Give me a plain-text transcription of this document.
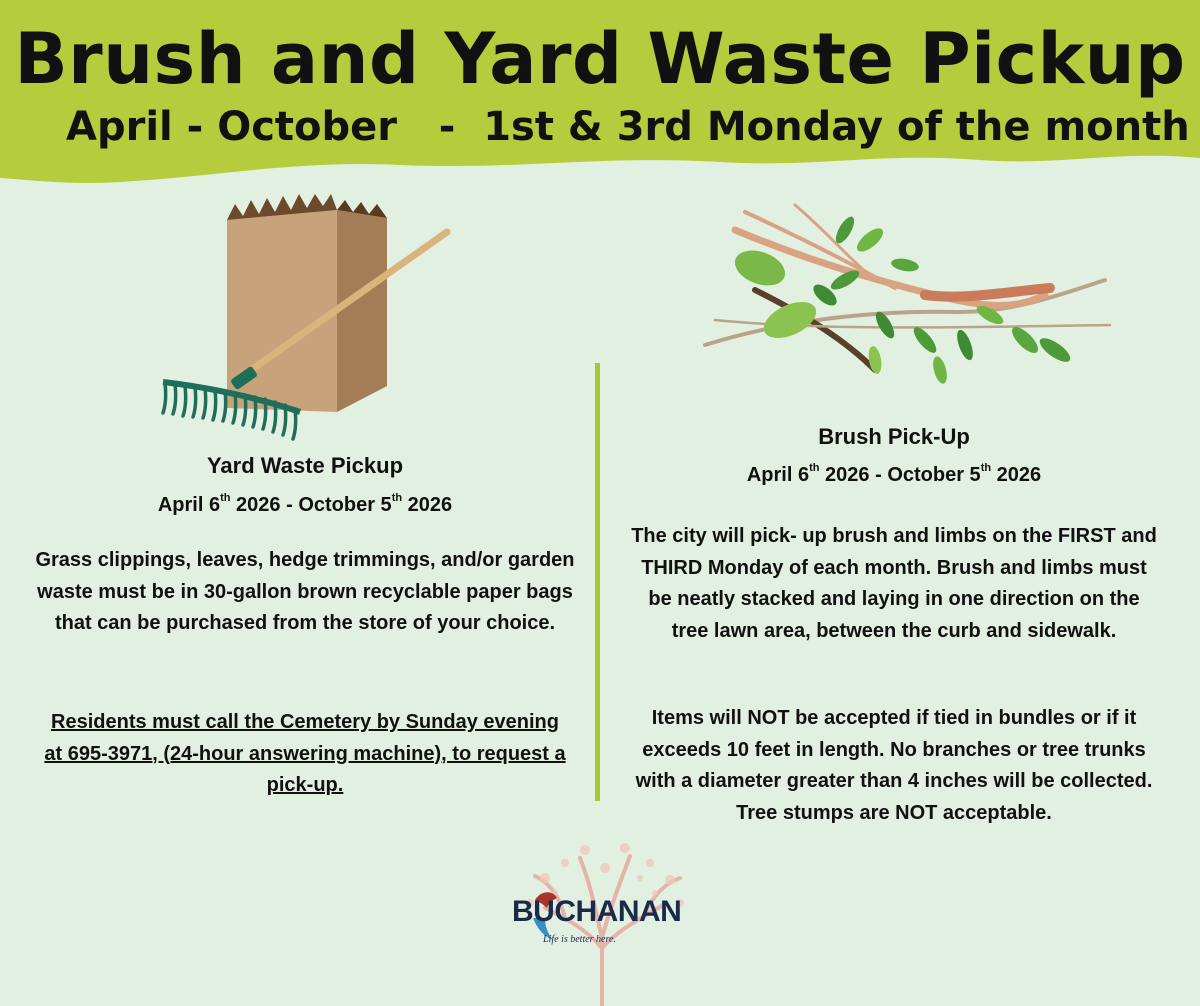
Brush and Yard Waste Pickup
April - October   -  1st & 3rd Monday of the month
Yard Waste Pickup
April 6th 2026 - October 5th 2026
Grass clippings, leaves, hedge trimmings, and/or garden waste must be in 30-gallon brown recyclable paper bags that can be purchased from the store of your choice.
Residents must call the Cemetery by Sunday evening at 695-3971, (24-hour answering machine), to request a pick-up.
Brush Pick-Up
April 6th 2026 - October 5th 2026
The city will pick- up brush and limbs on the FIRST and THIRD Monday of each month. Brush and limbs must be neatly stacked and laying in one direction on the tree lawn area, between the curb and sidewalk.
Items will NOT be accepted if tied in bundles or if it exceeds 10 feet in length. No branches or tree trunks with a diameter greater than 4 inches will be collected. Tree stumps are NOT acceptable.
BUCHANAN
Life is better here.
